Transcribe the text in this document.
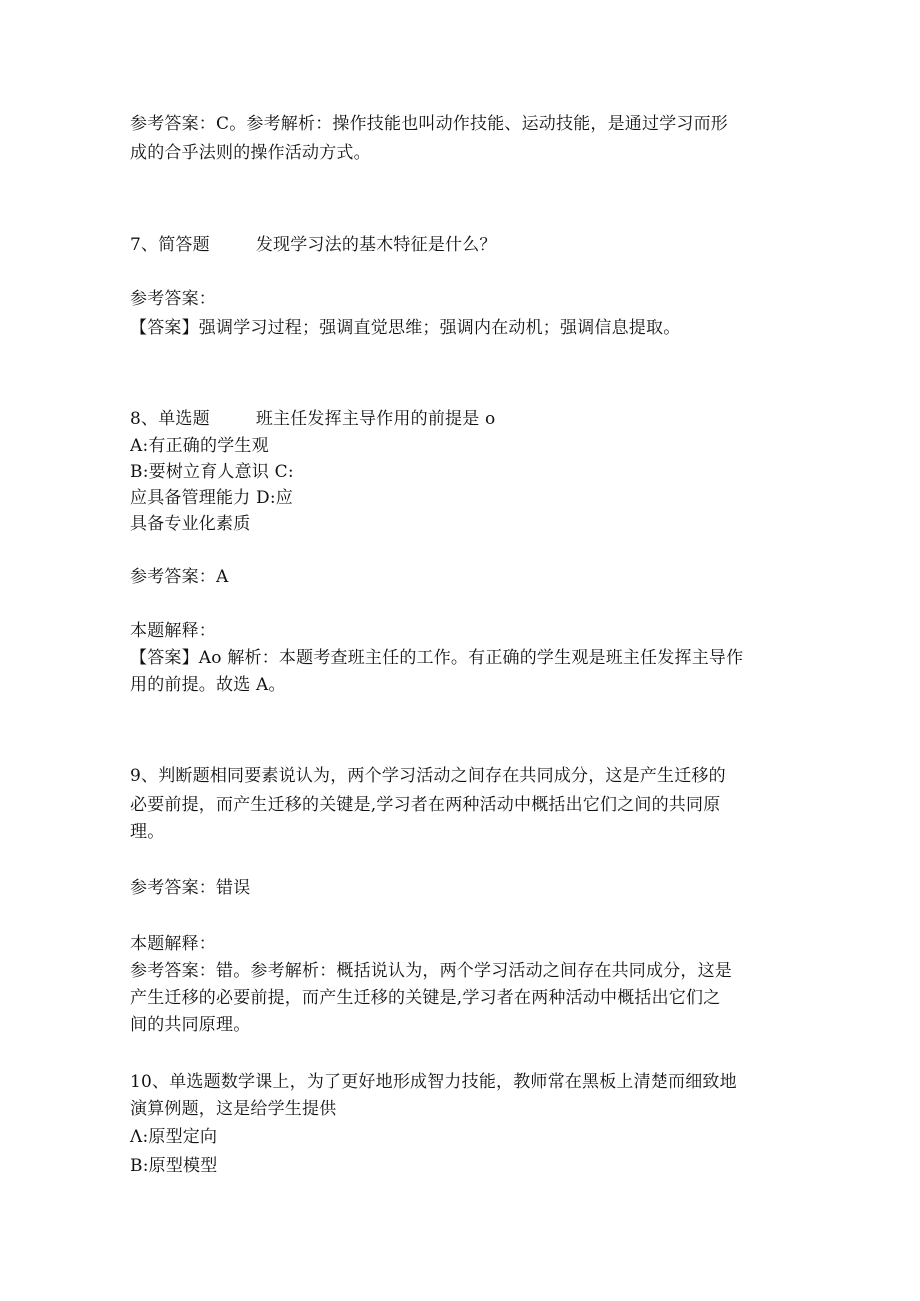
参考答案：C。参考解析：操作技能也叫动作技能、运动技能，是通过学习而形
成的合乎法则的操作活动方式。
7、简答题	发现学习法的基木特征是什么？
参考答案：
【答案】强调学习过程；强调直觉思维；强调内在动机；强调信息提取。
8、单选题	班主任发挥主导作用的前提是 o
A:有正确的学生观
B:要树立育人意识 C:
应具备管理能力 D:应
具备专业化素质
参考答案：A
本题解释：
【答案】Ao 解析：本题考查班主任的工作。有正确的学生观是班主任发挥主导作
用的前提。故选 A。
9、判断题相同要素说认为，两个学习活动之间存在共同成分，这是产生迁移的
必要前提，而产生迁移的关键是,学习者在两种活动中概括出它们之间的共同原
理。
参考答案：错误
本题解释：
参考答案：错。参考解析：概括说认为，两个学习活动之间存在共同成分，这是
产生迁移的必要前提，而产生迁移的关键是,学习者在两种活动中概括出它们之
间的共同原理。
10、单选题数学课上，为了更好地形成智力技能，教师常在黑板上清楚而细致地
演算例题，这是给学生提供
Λ:原型定向
B:原型模型
